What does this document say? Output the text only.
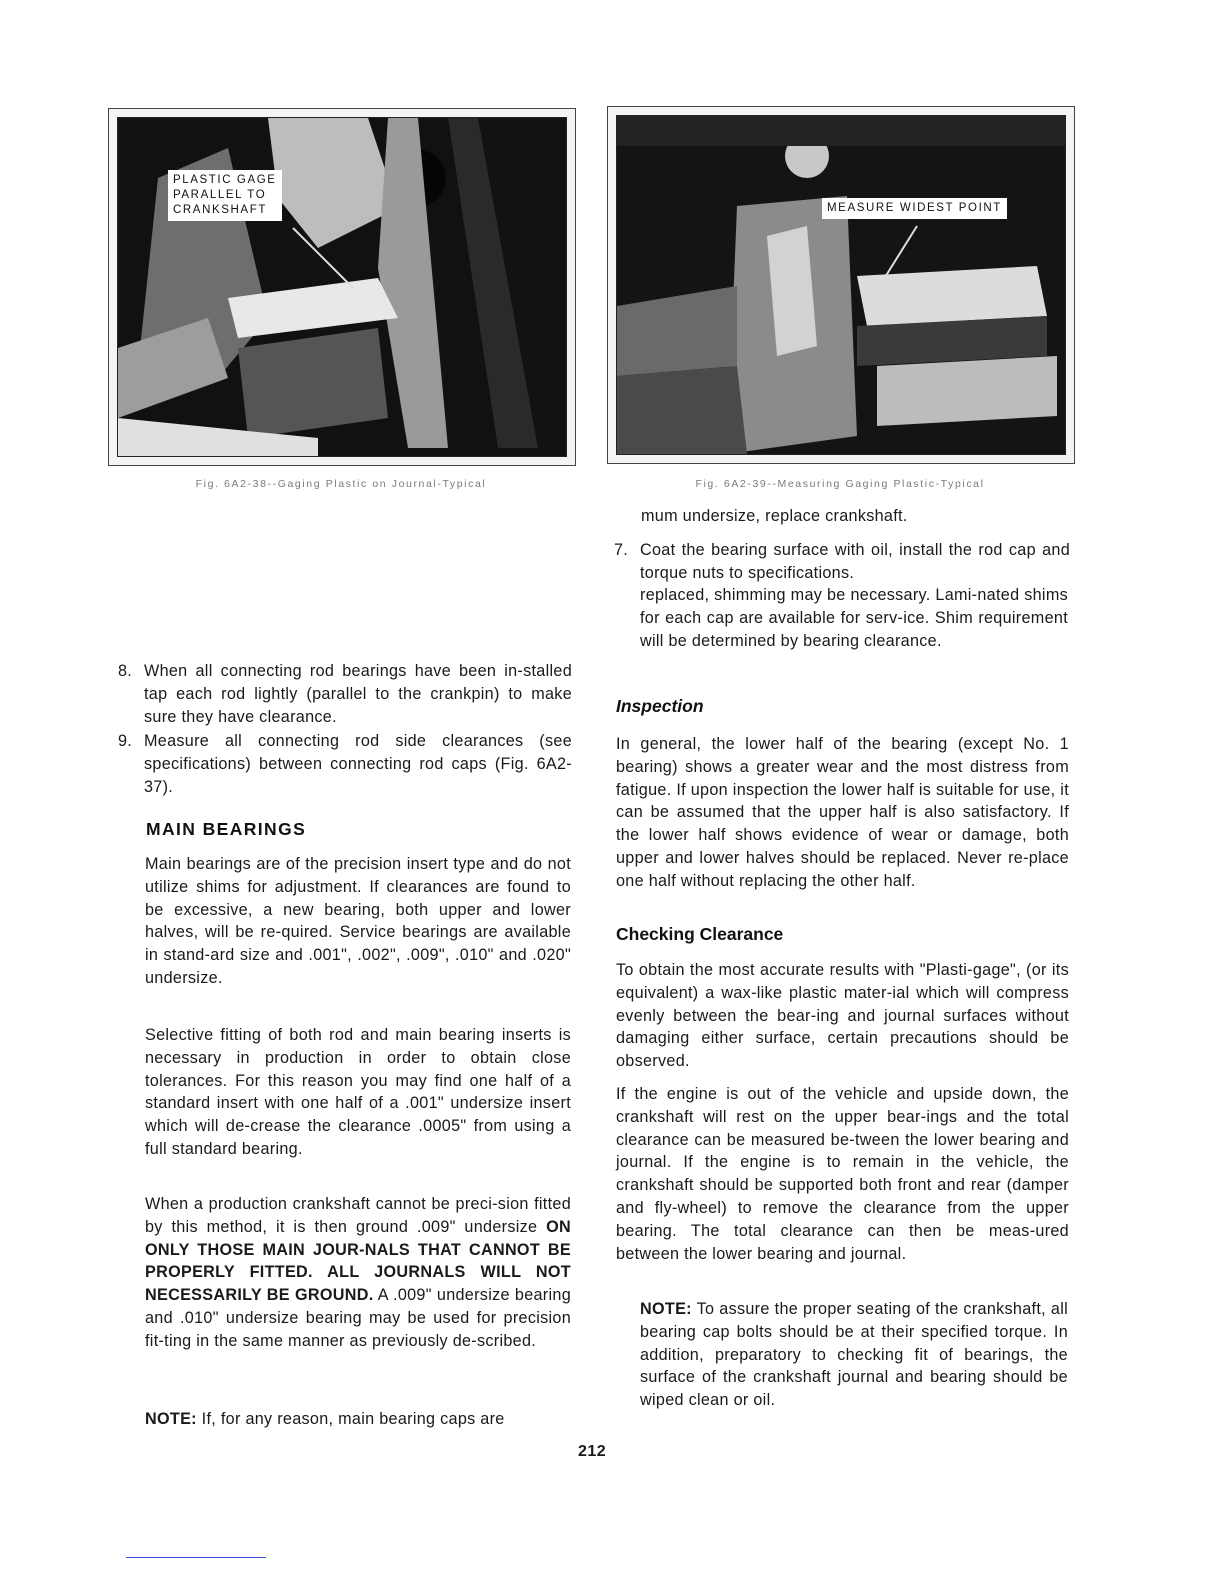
PLASTIC GAGE
PARALLEL TO
CRANKSHAFT
Fig. 6A2-38--Gaging Plastic on Journal-Typical
MEASURE WIDEST POINT
Fig. 6A2-39--Measuring Gaging Plastic-Typical
8. When all connecting rod bearings have been in-stalled tap each rod lightly (parallel to the crankpin) to make sure they have clearance.
9. Measure all connecting rod side clearances (see specifications) between connecting rod caps (Fig. 6A2-37).
MAIN BEARINGS
Main bearings are of the precision insert type and do not utilize shims for adjustment. If clearances are found to be excessive, a new bearing, both upper and lower halves, will be re-quired. Service bearings are available in stand-ard size and .001", .002", .009", .010" and .020" undersize.
Selective fitting of both rod and main bearing inserts is necessary in production in order to obtain close tolerances. For this reason you may find one half of a standard insert with one half of a .001" undersize insert which will de-crease the clearance .0005" from using a full standard bearing.
When a production crankshaft cannot be preci-sion fitted by this method, it is then ground .009" undersize ON ONLY THOSE MAIN JOUR-NALS THAT CANNOT BE PROPERLY FITTED. ALL JOURNALS WILL NOT NECESSARILY BE GROUND. A .009" undersize bearing and .010" undersize bearing may be used for precision fit-ting in the same manner as previously de-scribed.
NOTE: If, for any reason, main bearing caps are
mum undersize, replace crankshaft.
7. Coat the bearing surface with oil, install the rod cap and torque nuts to specifications.
replaced, shimming may be necessary. Lami-nated shims for each cap are available for serv-ice. Shim requirement will be determined by bearing clearance.
Inspection
In general, the lower half of the bearing (except No. 1 bearing) shows a greater wear and the most distress from fatigue. If upon inspection the lower half is suitable for use, it can be assumed that the upper half is also satisfactory. If the lower half shows evidence of wear or damage, both upper and lower halves should be replaced. Never re-place one half without replacing the other half.
Checking Clearance
To obtain the most accurate results with "Plasti-gage", (or its equivalent) a wax-like plastic mater-ial which will compress evenly between the bear-ing and journal surfaces without damaging either surface, certain precautions should be observed.
If the engine is out of the vehicle and upside down, the crankshaft will rest on the upper bear-ings and the total clearance can be measured be-tween the lower bearing and journal. If the engine is to remain in the vehicle, the crankshaft should be supported both front and rear (damper and fly-wheel) to remove the clearance from the upper bearing. The total clearance can then be meas-ured between the lower bearing and journal.
NOTE: To assure the proper seating of the crankshaft, all bearing cap bolts should be at their specified torque. In addition, preparatory to checking fit of bearings, the surface of the crankshaft journal and bearing should be wiped clean or oil.
212
